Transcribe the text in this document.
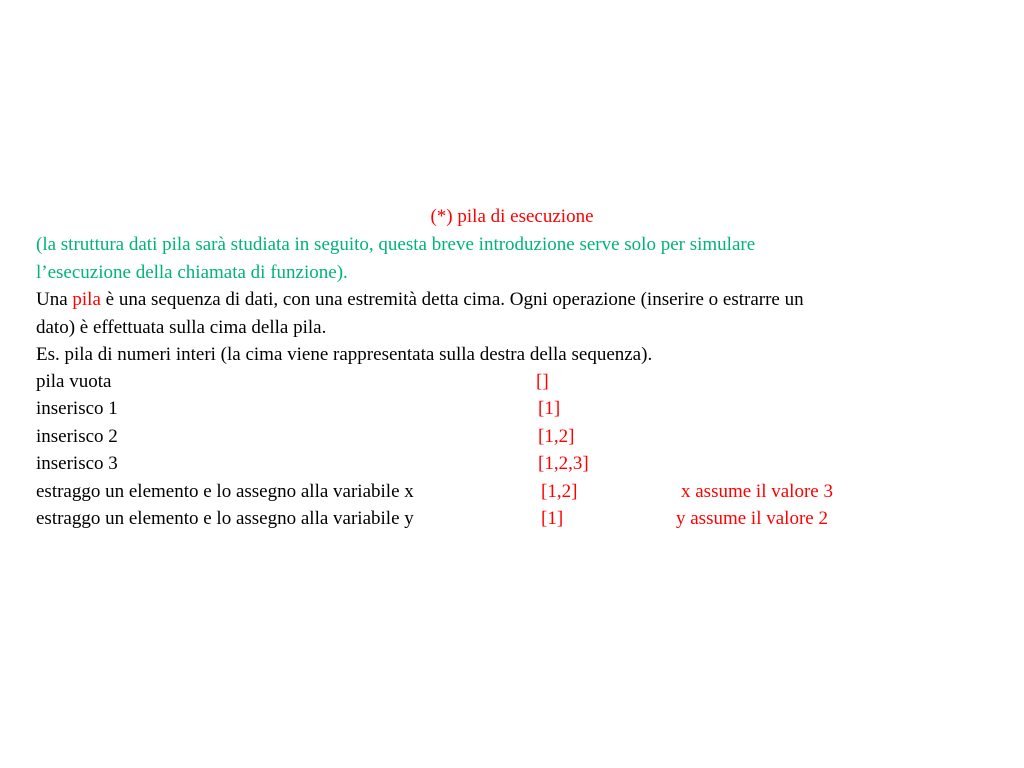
(*) pila di esecuzione
(la struttura dati pila sarà studiata in seguito, questa breve introduzione serve solo per simulare
l’esecuzione della chiamata di funzione).
Una pila è una sequenza di dati, con una estremità detta cima. Ogni operazione (inserire o estrarre un
dato) è effettuata sulla cima della pila.
Es. pila di numeri interi (la cima viene rappresentata sulla destra della sequenza).
pila vuota	[]
inserisco 1	[1]
inserisco 2	[1,2]
inserisco 3	[1,2,3]
estraggo un elemento e lo assegno alla variabile x	[1,2]	x assume il valore 3
estraggo un elemento e lo assegno alla variabile y	[1]	y assume il valore 2
